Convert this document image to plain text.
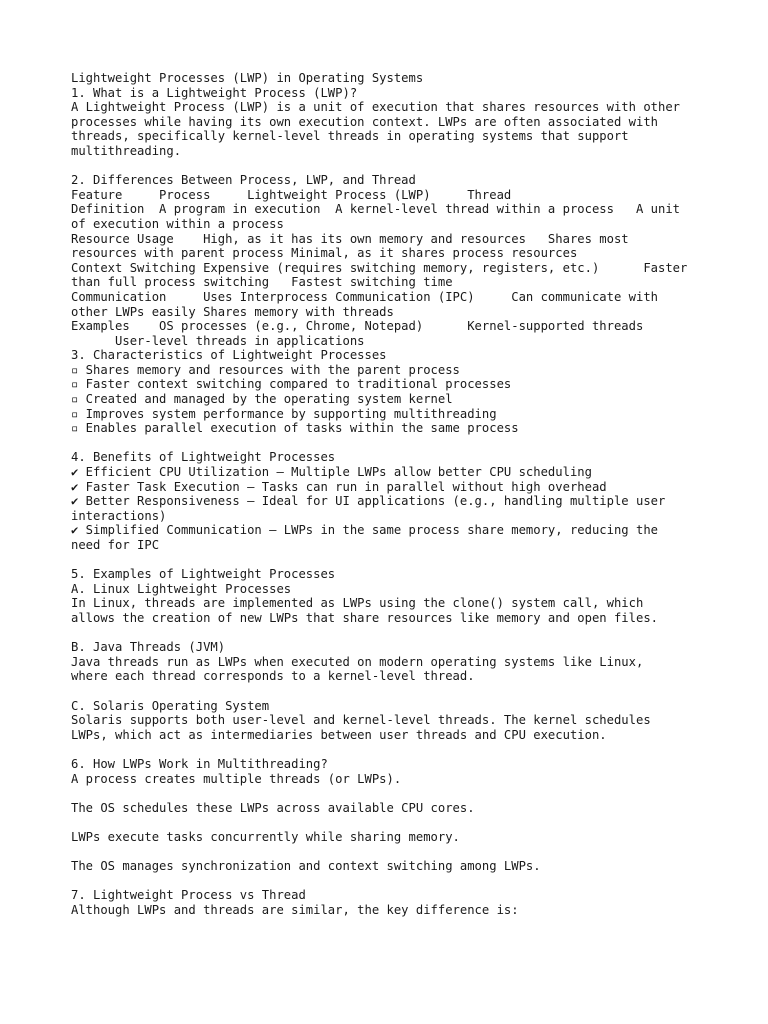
Lightweight Processes (LWP) in Operating Systems
1. What is a Lightweight Process (LWP)?
A Lightweight Process (LWP) is a unit of execution that shares resources with other
processes while having its own execution context. LWPs are often associated with
threads, specifically kernel-level threads in operating systems that support
multithreading.
2. Differences Between Process, LWP, and Thread
Feature     Process     Lightweight Process (LWP)     Thread
Definition  A program in execution  A kernel-level thread within a process   A unit
of execution within a process
Resource Usage    High, as it has its own memory and resources   Shares most
resources with parent process Minimal, as it shares process resources
Context Switching Expensive (requires switching memory, registers, etc.)      Faster
than full process switching   Fastest switching time
Communication     Uses Interprocess Communication (IPC)     Can communicate with
other LWPs easily Shares memory with threads
Examples    OS processes (e.g., Chrome, Notepad)      Kernel-supported threads
User-level threads in applications
3. Characteristics of Lightweight Processes
▫ Shares memory and resources with the parent process
▫ Faster context switching compared to traditional processes
▫ Created and managed by the operating system kernel
▫ Improves system performance by supporting multithreading
▫ Enables parallel execution of tasks within the same process
4. Benefits of Lightweight Processes
✔ Efficient CPU Utilization – Multiple LWPs allow better CPU scheduling
✔ Faster Task Execution – Tasks can run in parallel without high overhead
✔ Better Responsiveness – Ideal for UI applications (e.g., handling multiple user
interactions)
✔ Simplified Communication – LWPs in the same process share memory, reducing the
need for IPC
5. Examples of Lightweight Processes
A. Linux Lightweight Processes
In Linux, threads are implemented as LWPs using the clone() system call, which
allows the creation of new LWPs that share resources like memory and open files.
B. Java Threads (JVM)
Java threads run as LWPs when executed on modern operating systems like Linux,
where each thread corresponds to a kernel-level thread.
C. Solaris Operating System
Solaris supports both user-level and kernel-level threads. The kernel schedules
LWPs, which act as intermediaries between user threads and CPU execution.
6. How LWPs Work in Multithreading?
A process creates multiple threads (or LWPs).
The OS schedules these LWPs across available CPU cores.
LWPs execute tasks concurrently while sharing memory.
The OS manages synchronization and context switching among LWPs.
7. Lightweight Process vs Thread
Although LWPs and threads are similar, the key difference is:
